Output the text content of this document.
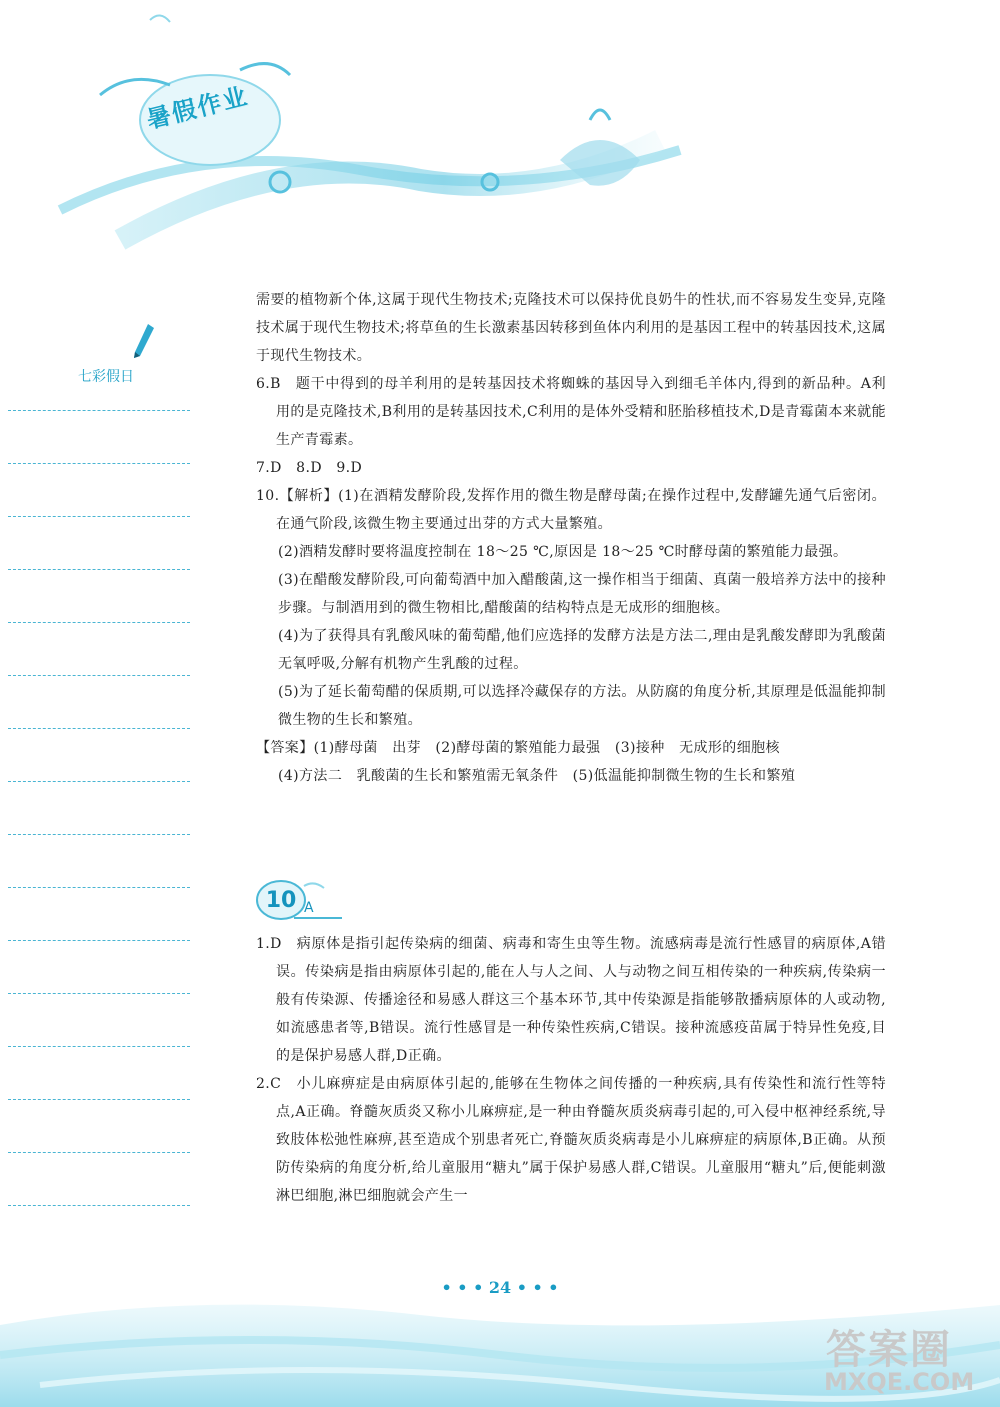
暑假作业
七彩假日

需要的植物新个体,这属于现代生物技术;克隆技术可以保持优良奶牛的性状,而不容易发生变异,克隆技术属于现代生物技术;将草鱼的生长激素基因转移到鱼体内利用的是基因工程中的转基因技术,这属于现代生物技术。

6.B　题干中得到的母羊利用的是转基因技术将蜘蛛的基因导入到细毛羊体内,得到的新品种。A利用的是克隆技术,B利用的是转基因技术,C利用的是体外受精和胚胎移植技术,D是青霉菌本来就能生产青霉素。

7.D　8.D　9.D

10.【解析】(1)在酒精发酵阶段,发挥作用的微生物是酵母菌;在操作过程中,发酵罐先通气后密闭。在通气阶段,该微生物主要通过出芽的方式大量繁殖。

(2)酒精发酵时要将温度控制在 18～25 ℃,原因是 18～25 ℃时酵母菌的繁殖能力最强。

(3)在醋酸发酵阶段,可向葡萄酒中加入醋酸菌,这一操作相当于细菌、真菌一般培养方法中的接种步骤。与制酒用到的微生物相比,醋酸菌的结构特点是无成形的细胞核。

(4)为了获得具有乳酸风味的葡萄醋,他们应选择的发酵方法是方法二,理由是乳酸发酵即为乳酸菌无氧呼吸,分解有机物产生乳酸的过程。

(5)为了延长葡萄醋的保质期,可以选择冷藏保存的方法。从防腐的角度分析,其原理是低温能抑制微生物的生长和繁殖。

【答案】(1)酵母菌　出芽　(2)酵母菌的繁殖能力最强　(3)接种　无成形的细胞核

(4)方法二　乳酸菌的生长和繁殖需无氧条件　(5)低温能抑制微生物的生长和繁殖

10 A

1.D　病原体是指引起传染病的细菌、病毒和寄生虫等生物。流感病毒是流行性感冒的病原体,A错误。传染病是指由病原体引起的,能在人与人之间、人与动物之间互相传染的一种疾病,传染病一般有传染源、传播途径和易感人群这三个基本环节,其中传染源是指能够散播病原体的人或动物,如流感患者等,B错误。流行性感冒是一种传染性疾病,C错误。接种流感疫苗属于特异性免疫,目的是保护易感人群,D正确。

2.C　小儿麻痹症是由病原体引起的,能够在生物体之间传播的一种疾病,具有传染性和流行性等特点,A正确。脊髓灰质炎又称小儿麻痹症,是一种由脊髓灰质炎病毒引起的,可入侵中枢神经系统,导致肢体松弛性麻痹,甚至造成个别患者死亡,脊髓灰质炎病毒是小儿麻痹症的病原体,B正确。从预防传染病的角度分析,给儿童服用“糖丸”属于保护易感人群,C错误。儿童服用“糖丸”后,便能刺激淋巴细胞,淋巴细胞就会产生一

• • • 24 • • •
答案圈
MXQE.COM
